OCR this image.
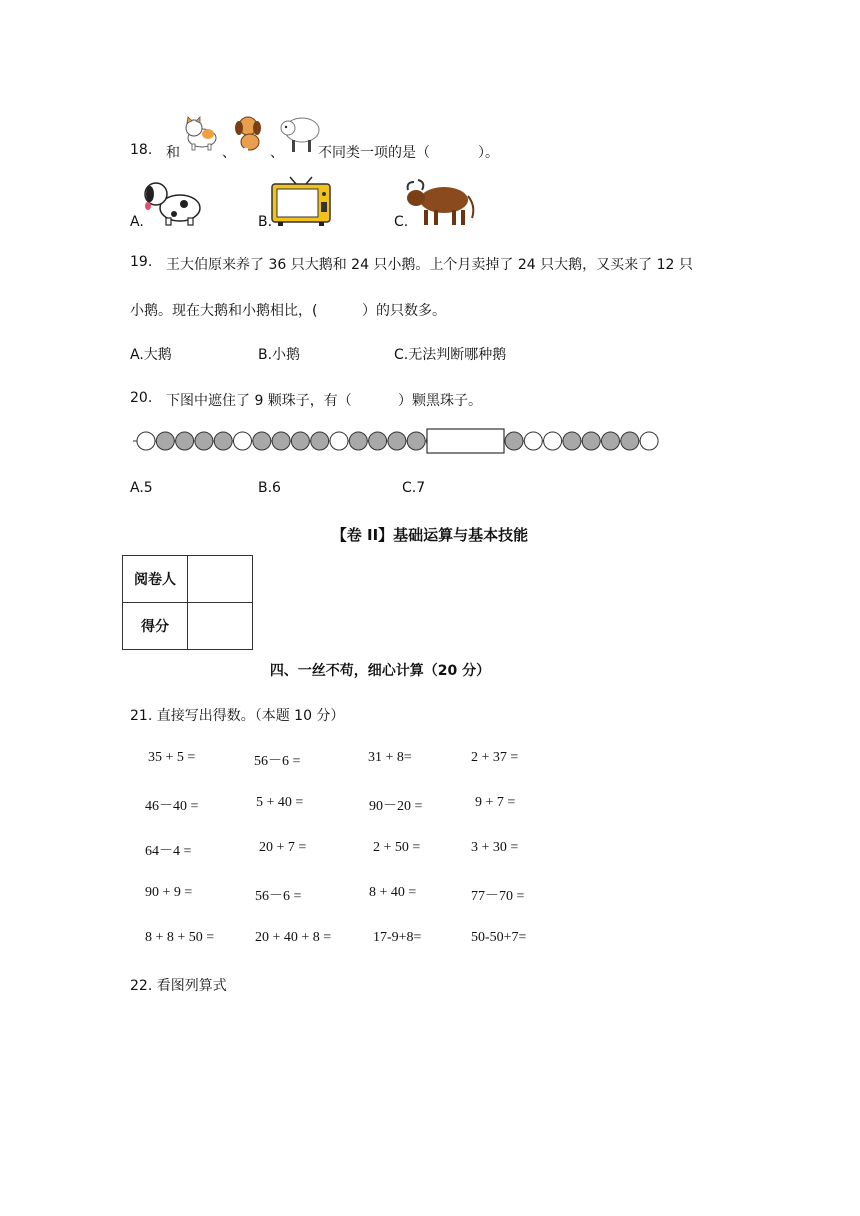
18. 和	、 、 不同类一项的是（	）。
A.	B.	C.
19. 王大伯原来养了 36 只大鹅和 24 只小鹅。上个月卖掉了 24 只大鹅，又买来了 12 只
小鹅。现在大鹅和小鹅相比，(	）的只数多。
A.大鹅	B.小鹅	C.无法判断哪种鹅
20. 下图中遮住了 9 颗珠子，有（	）颗黑珠子。
A.5	B.6	C.7
【卷 II】基础运算与基本技能
阅卷人	
得分	
四、一丝不苟，细心计算（20 分）
21. 直接写出得数。（本题 10 分）
35 + 5 =	56－6 =	31 + 8=	2 + 37 =
46－40 =	5 + 40 =	90－20 =	9 + 7 =
64－4 =	20 + 7 =	2 + 50 =	3 + 30 =
90 + 9 =	56－6 =	8 + 40 =	77－70 =
8 + 8 + 50 =	20 + 40 + 8 =	17-9+8=	50-50+7=
22. 看图列算式
